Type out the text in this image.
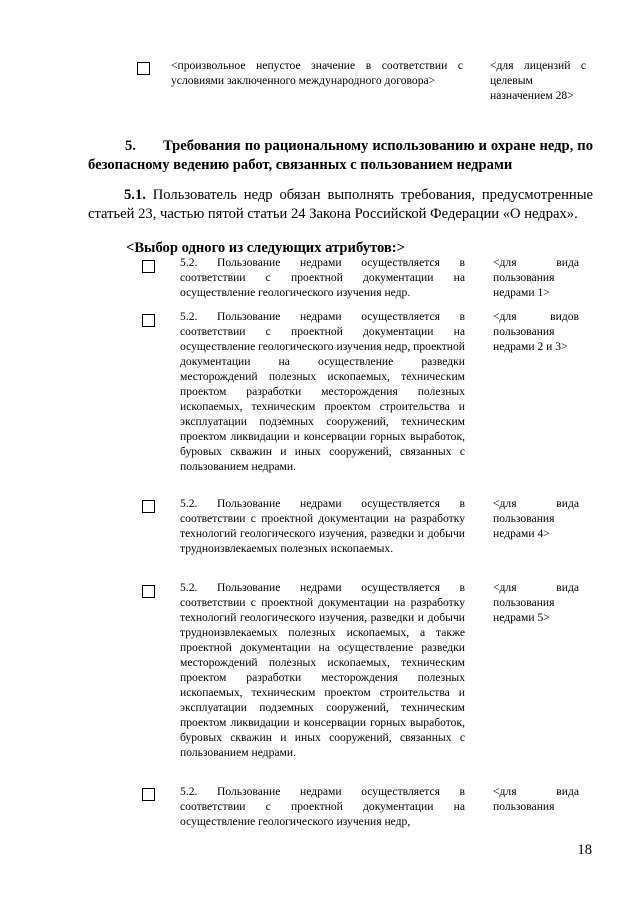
<произвольное непустое значение в соответствии с условиями заключенного международного договора>
<для лицензий с целевым назначением 28>
5. Требования по рациональному использованию и охране недр, по безопасному ведению работ, связанных с пользованием недрами
5.1. Пользователь недр обязан выполнять требования, предусмотренные статьей 23, частью пятой статьи 24 Закона Российской Федерации «О недрах».
<Выбор одного из следующих атрибутов:>
5.2. Пользование недрами осуществляется в соответствии с проектной документации на осуществление геологического изучения недр.
<для вида пользования недрами 1>
5.2. Пользование недрами осуществляется в соответствии с проектной документации на осуществление геологического изучения недр, проектной документации на осуществление разведки месторождений полезных ископаемых, техническим проектом разработки месторождения полезных ископаемых, техническим проектом строительства и эксплуатации подземных сооружений, техническим проектом ликвидации и консервации горных выработок, буровых скважин и иных сооружений, связанных с пользованием недрами.
<для видов пользования недрами 2 и 3>
5.2. Пользование недрами осуществляется в соответствии с проектной документации на разработку технологий геологического изучения, разведки и добычи трудноизвлекаемых полезных ископаемых.
<для вида пользования недрами 4>
5.2. Пользование недрами осуществляется в соответствии с проектной документации на разработку технологий геологического изучения, разведки и добычи трудноизвлекаемых полезных ископаемых, а также проектной документации на осуществление разведки месторождений полезных ископаемых, техническим проектом разработки месторождения полезных ископаемых, техническим проектом строительства и эксплуатации подземных сооружений, техническим проектом ликвидации и консервации горных выработок, буровых скважин и иных сооружений, связанных с пользованием недрами.
<для вида пользования недрами 5>
5.2. Пользование недрами осуществляется в соответствии с проектной документации на осуществление геологического изучения недр,
<для вида пользования
18
